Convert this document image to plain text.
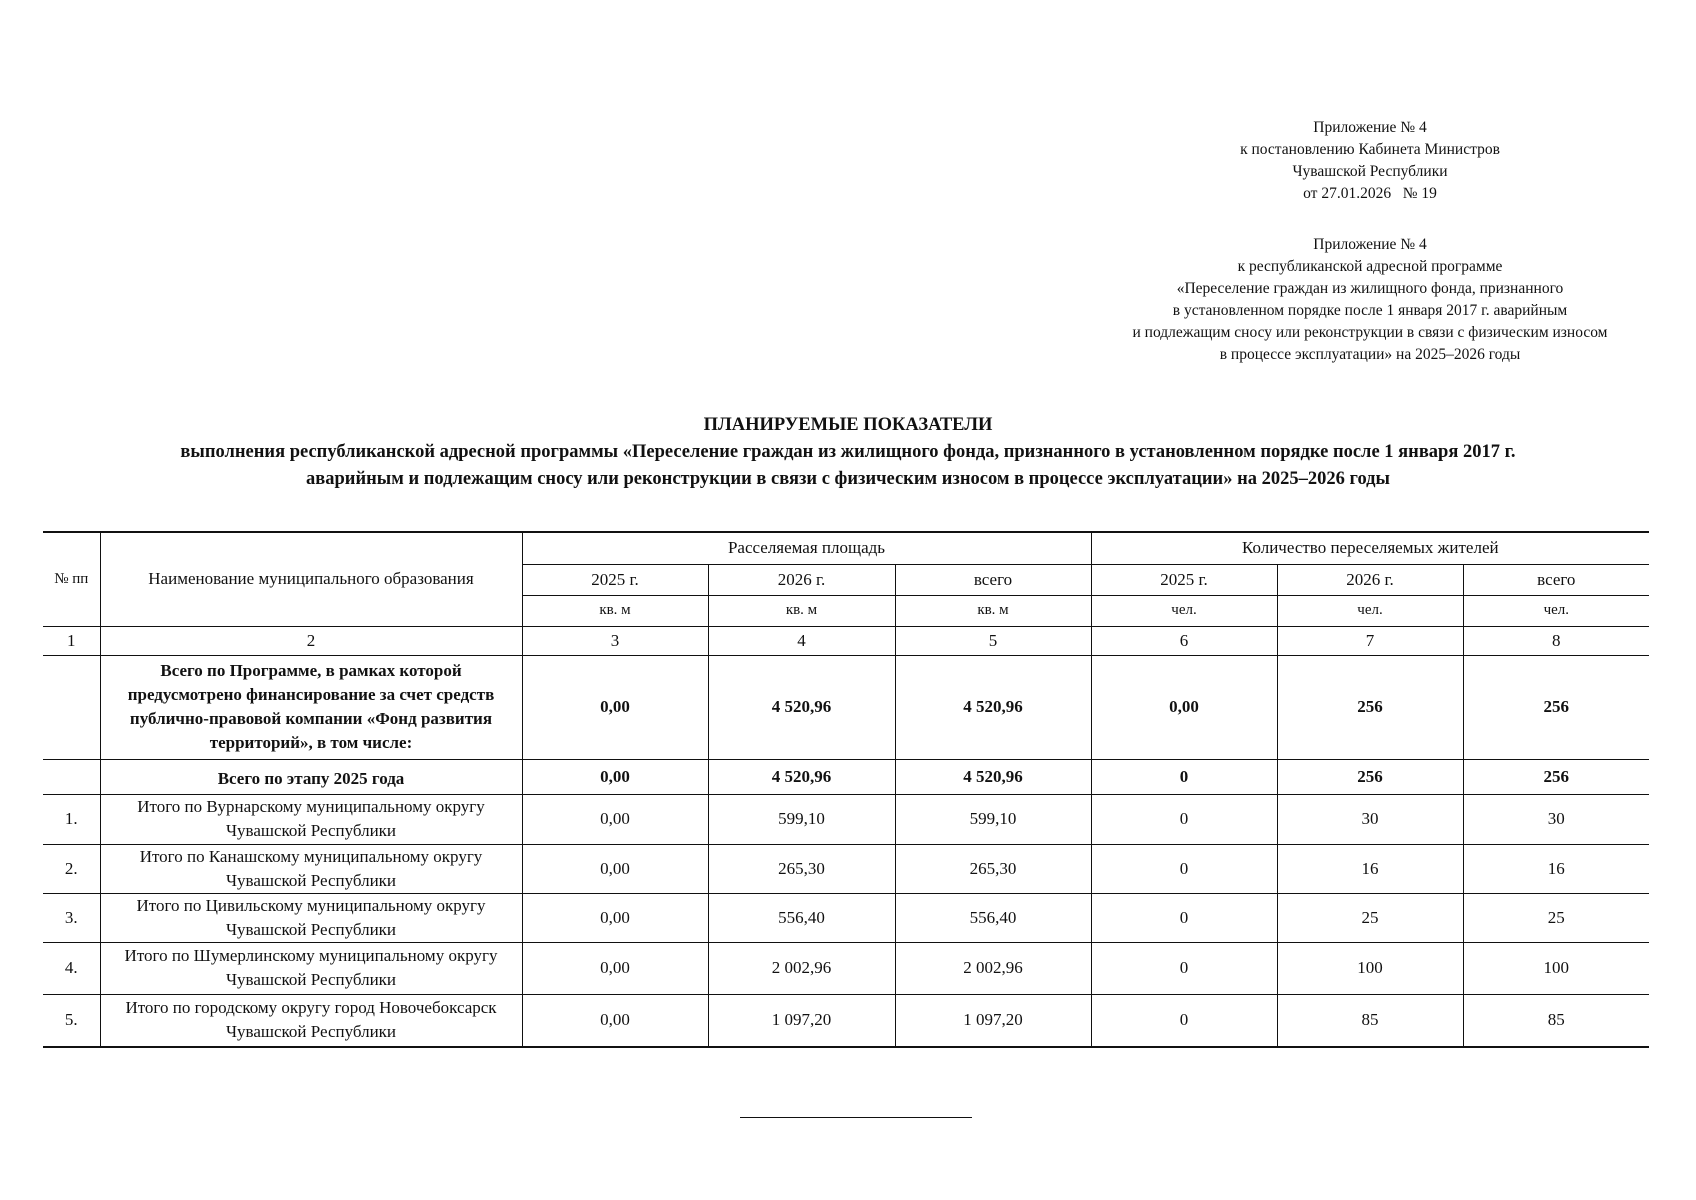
Приложение № 4
к постановлению Кабинета Министров
Чувашской Республики
от 27.01.2026   № 19
Приложение № 4
к республиканской адресной программе
«Переселение граждан из жилищного фонда, признанного
в установленном порядке после 1 января 2017 г. аварийным
и подлежащим сносу или реконструкции в связи с физическим износом
в процессе эксплуатации» на 2025–2026 годы
ПЛАНИРУЕМЫЕ ПОКАЗАТЕЛИ
выполнения республиканской адресной программы «Переселение граждан из жилищного фонда, признанного в установленном порядке после 1 января 2017 г.
аварийным и подлежащим сносу или реконструкции в связи с физическим износом в процессе эксплуатации» на 2025–2026 годы
№ пп	Наименование муниципального образования	Расселяемая площадь			Количество переселяемых жителей		
		2025 г.	2026 г.	всего	2025 г.	2026 г.	всего
		кв. м	кв. м	кв. м	чел.	чел.	чел.
1	2	3	4	5	6	7	8
	Всего по Программе, в рамках которой предусмотрено финансирование за счет средств публично-правовой компании «Фонд развития территорий», в том числе:	0,00	4 520,96	4 520,96	0,00	256	256
	Всего по этапу 2025 года	0,00	4 520,96	4 520,96	0	256	256
1.	Итого по Вурнарскому муниципальному округу Чувашской Республики	0,00	599,10	599,10	0	30	30
2.	Итого по Канашскому муниципальному округу Чувашской Республики	0,00	265,30	265,30	0	16	16
3.	Итого по Цивильскому муниципальному округу Чувашской Республики	0,00	556,40	556,40	0	25	25
4.	Итого по Шумерлинскому муниципальному округу Чувашской Республики	0,00	2 002,96	2 002,96	0	100	100
5.	Итого по городскому округу город Новочебоксарск Чувашской Республики	0,00	1 097,20	1 097,20	0	85	85
